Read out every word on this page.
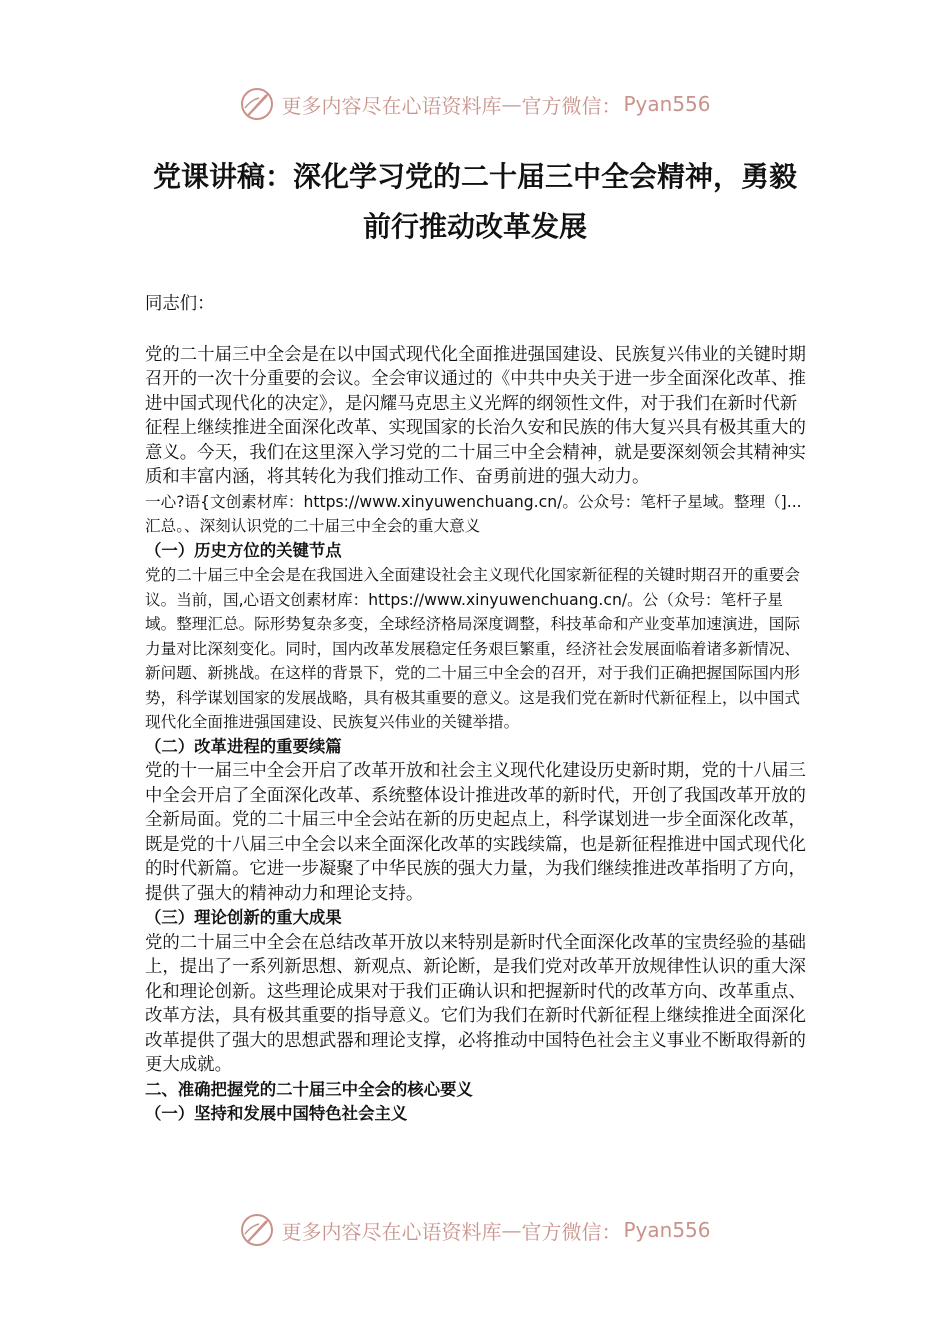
更多内容尽在心语资料库 — 官方微信： Pyan556
党课讲稿：深化学习党的二十届三中全会精神，勇毅
前行推动改革发展

同志们：

党的二十届三中全会是在以中国式现代化全面推进强国建设、民族复兴伟业的关键时期召开的一次十分重要的会议。全会审议通过的《中共中央关于进一步全面深化改革、推进中国式现代化的决定》，是闪耀马克思主义光辉的纲领性文件，对于我们在新时代新征程上继续推进全面深化改革、实现国家的长治久安和民族的伟大复兴具有极其重大的意义。今天，我们在这里深入学习党的二十届三中全会精神，就是要深刻领会其精神实质和丰富内涵，将其转化为我们推动工作、奋勇前进的强大动力。

一心?语{文创素材库：https://www.xinyuwenchuang.cn/。公众号：笔杆子星域。整理（]...汇总。、深刻认识党的二十届三中全会的重大意义

（一）历史方位的关键节点

党的二十届三中全会是在我国进入全面建设社会主义现代化国家新征程的关键时期召开的重要会议。当前，国,心语文创素材库：https://www.xinyuwenchuang.cn/。公（众号：笔杆子星域。整理汇总。际形势复杂多变，全球经济格局深度调整，科技革命和产业变革加速演进，国际力量对比深刻变化。同时，国内改革发展稳定任务艰巨繁重，经济社会发展面临着诸多新情况、新问题、新挑战。在这样的背景下，党的二十届三中全会的召开，对于我们正确把握国际国内形势，科学谋划国家的发展战略，具有极其重要的意义。这是我们党在新时代新征程上，以中国式现代化全面推进强国建设、民族复兴伟业的关键举措。

（二）改革进程的重要续篇

党的十一届三中全会开启了改革开放和社会主义现代化建设历史新时期，党的十八届三中全会开启了全面深化改革、系统整体设计推进改革的新时代，开创了我国改革开放的全新局面。党的二十届三中全会站在新的历史起点上，科学谋划进一步全面深化改革，既是党的十八届三中全会以来全面深化改革的实践续篇，也是新征程推进中国式现代化的时代新篇。它进一步凝聚了中华民族的强大力量，为我们继续推进改革指明了方向，提供了强大的精神动力和理论支持。

（三）理论创新的重大成果

党的二十届三中全会在总结改革开放以来特别是新时代全面深化改革的宝贵经验的基础上，提出了一系列新思想、新观点、新论断，是我们党对改革开放规律性认识的重大深化和理论创新。这些理论成果对于我们正确认识和把握新时代的改革方向、改革重点、改革方法，具有极其重要的指导意义。它们为我们在新时代新征程上继续推进全面深化改革提供了强大的思想武器和理论支撑，必将推动中国特色社会主义事业不断取得新的更大成就。

二、准确把握党的二十届三中全会的核心要义

（一）坚持和发展中国特色社会主义

更多内容尽在心语资料库 — 官方微信： Pyan556
